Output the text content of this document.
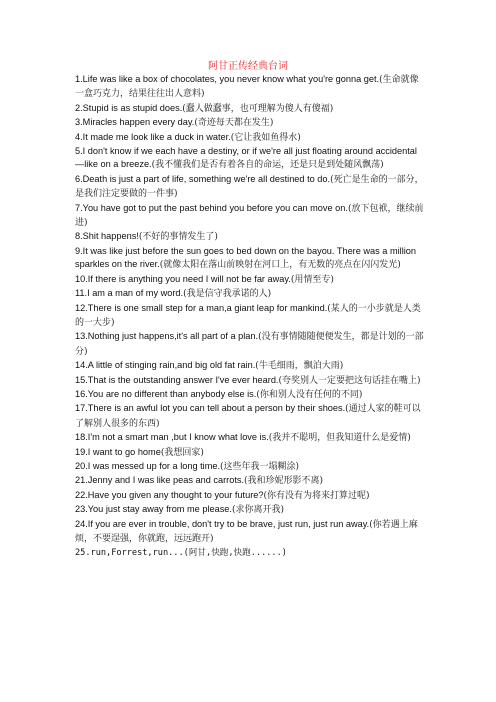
阿甘正传经典台词

1.Life was like a box of chocolates, you never know what you're gonna get.(生命就像一盒巧克力，结果往往出人意料)

2.Stupid is as stupid does.(蠢人做蠢事，也可理解为傻人有傻福)

3.Miracles happen every day.(奇迹每天都在发生)

4.It made me look like a duck in water.(它让我如鱼得水)

5.I don't know if we each have a destiny, or if we're all just floating around accidental—like on a breeze.(我不懂我们是否有着各自的命运，还是只是到处随风飘荡)

6.Death is just a part of life, something we're all destined to do.(死亡是生命的一部分，是我们注定要做的一件事)

7.You have got to put the past behind you before you can move on.(放下包袱，继续前进)

8.Shit happens!(不好的事情发生了)

9.It was like just before the sun goes to bed down on the bayou. There was a million sparkles on the river.(就像太阳在落山前映射在河口上，有无数的亮点在闪闪发光)

10.If there is anything you need I will not be far away.(用情至专)

11.I am a man of my word.(我是信守我承诺的人)

12.There is one small step for a man,a giant leap for mankind.(某人的一小步就是人类的一大步)

13.Nothing just happens,it's all part of a plan.(没有事情随随便便发生，都是计划的一部分)

14.A little of stinging rain,and big old fat rain.(牛毛细雨，飘泊大雨)

15.That is the outstanding answer I've ever heard.(夸奖别人一定要把这句话挂在嘴上)

16.You are no different than anybody else is.(你和别人没有任何的不同)

17.There is an awful lot you can tell about a person by their shoes.(通过人家的鞋可以了解别人很多的东西)

18.I'm not a smart man ,but I know what love is.(我并不聪明，但我知道什么是爱情)

19.I want to go home(我想回家)

20.I was messed up for a long time.(这些年我一塌糊涂)

21.Jenny and I was like peas and carrots.(我和珍妮形影不离)

22.Have you given any thought to your future?(你有没有为将来打算过呢)

23.You just stay away from me please.(求你离开我)

24.If you are ever in trouble, don't try to be brave, just run, just run away.(你若遇上麻烦，不要逞强，你就跑，远远跑开)

25.run,Forrest,run...(阿甘,快跑,快跑......)
